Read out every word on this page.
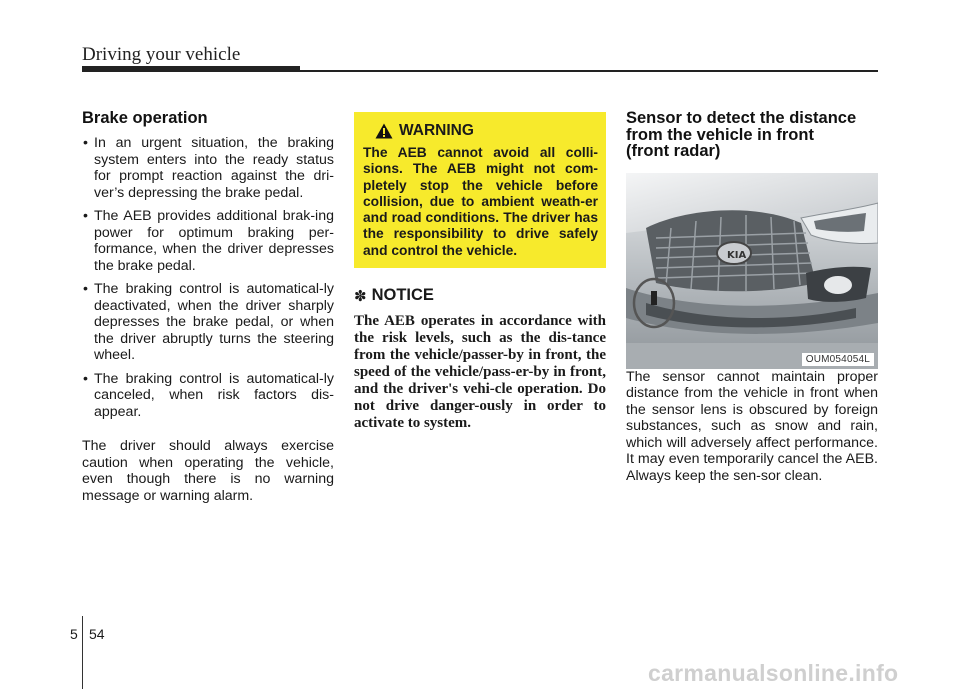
Driving your vehicle
Brake operation
• In an urgent situation, the braking system enters into the ready status for prompt reaction against the dri-ver’s depressing the brake pedal.
• The AEB provides additional brak-ing power for optimum braking per-formance, when the driver depresses the brake pedal.
• The braking control is automatical-ly deactivated, when the driver sharply depresses the brake pedal, or when the driver abruptly turns the steering wheel.
• The braking control is automatical-ly canceled, when risk factors dis-appear.

The driver should always exercise caution when operating the vehicle, even though there is no warning message or warning alarm.

WARNING

The AEB cannot avoid all colli-sions. The AEB might not com-pletely stop the vehicle before collision, due to ambient weath-er and road conditions. The driver has the responsibility to drive safely and control the vehicle.

✽ NOTICE

The AEB operates in accordance with the risk levels, such as the dis-tance from the vehicle/passer-by in front, the speed of the vehicle/pass-er-by in front, and the driver's vehi-cle operation. Do not drive danger-ously in order to activate to system.

Sensor to detect the distance
from the vehicle in front
(front radar)
KIA
OUM054054L

The sensor cannot maintain proper distance from the vehicle in front when the sensor lens is obscured by foreign substances, such as snow and rain, which will adversely affect performance. It may even temporarily cancel the AEB. Always keep the sen-sor clean.

5 54
carmanualsonline.info
